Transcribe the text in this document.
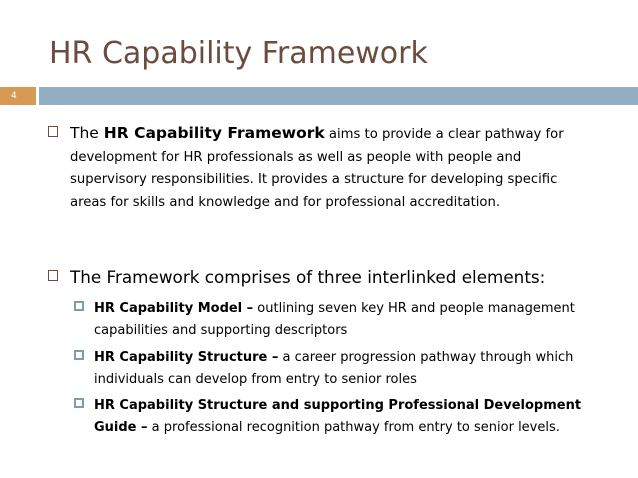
HR Capability Framework
4
The HR Capability Framework aims to provide a clear pathway for development for HR professionals as well as people with people and supervisory responsibilities. It provides a structure for developing specific areas for skills and knowledge and for professional accreditation.
The Framework comprises of three interlinked elements:
HR Capability Model – outlining seven key HR and people management capabilities and supporting descriptors
HR Capability Structure – a career progression pathway through which individuals can develop from entry to senior roles
HR Capability Structure and supporting Professional Development Guide – a professional recognition pathway from entry to senior levels.
